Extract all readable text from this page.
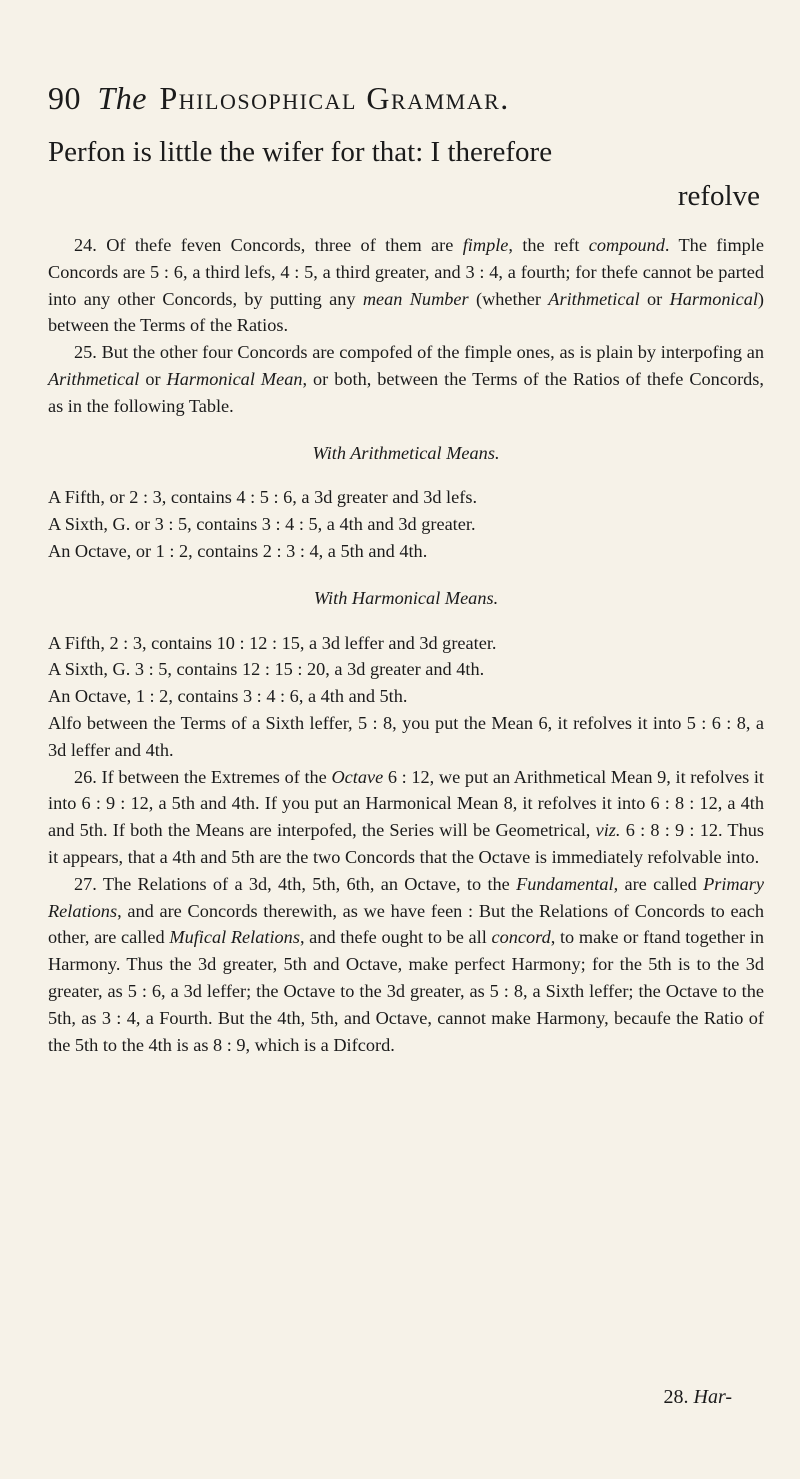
90 The Philosophical Grammar.
Perfon is little the wifer for that: I therefore
refolve

24. Of thefe feven Concords, three of them are fimple, the reft compound. The fimple Concords are 5 : 6, a third lefs, 4 : 5, a third greater, and 3 : 4, a fourth; for thefe cannot be parted into any other Concords, by putting any mean Number (whether Arithmetical or Harmonical) between the Terms of the Ratios.

25. But the other four Concords are compofed of the fimple ones, as is plain by interpofing an Arithmetical or Harmonical Mean, or both, between the Terms of the Ratios of thefe Concords, as in the following Table.

With Arithmetical Means.

A Fifth, or 2 : 3, contains 4 : 5 : 6, a 3d greater and 3d lefs.

A Sixth, G. or 3 : 5, contains 3 : 4 : 5, a 4th and 3d greater.

An Octave, or 1 : 2, contains 2 : 3 : 4, a 5th and 4th.

With Harmonical Means.

A Fifth, 2 : 3, contains 10 : 12 : 15, a 3d leffer and 3d greater.

A Sixth, G. 3 : 5, contains 12 : 15 : 20, a 3d greater and 4th.

An Octave, 1 : 2, contains 3 : 4 : 6, a 4th and 5th.

Alfo between the Terms of a Sixth leffer, 5 : 8, you put the Mean 6, it refolves it into 5 : 6 : 8, a 3d leffer and 4th.

26. If between the Extremes of the Octave 6 : 12, we put an Arithmetical Mean 9, it refolves it into 6 : 9 : 12, a 5th and 4th. If you put an Harmonical Mean 8, it refolves it into 6 : 8 : 12, a 4th and 5th. If both the Means are interpofed, the Series will be Geometrical, viz. 6 : 8 : 9 : 12. Thus it appears, that a 4th and 5th are the two Concords that the Octave is immediately refolvable into.

27. The Relations of a 3d, 4th, 5th, 6th, an Octave, to the Fundamental, are called Primary Relations, and are Concords therewith, as we have feen : But the Relations of Concords to each other, are called Mufical Relations, and thefe ought to be all concord, to make or ftand together in Harmony. Thus the 3d greater, 5th and Octave, make perfect Harmony; for the 5th is to the 3d greater, as 5 : 6, a 3d leffer; the Octave to the 3d greater, as 5 : 8, a Sixth leffer; the Octave to the 5th, as 3 : 4, a Fourth. But the 4th, 5th, and Octave, cannot make Harmony, becaufe the Ratio of the 5th to the 4th is as 8 : 9, which is a Difcord.

28. Har-
